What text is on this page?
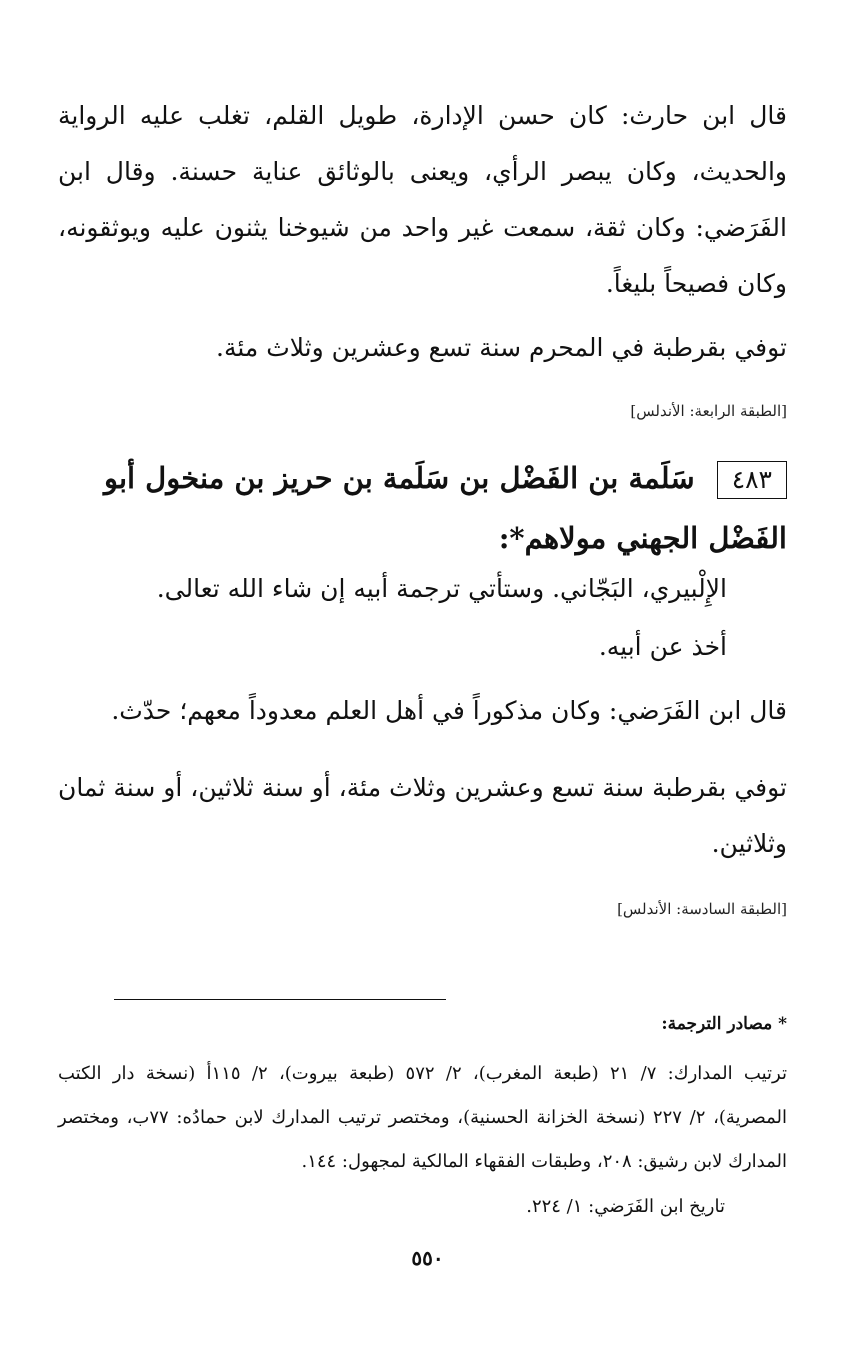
قال ابن حارث: كان حسن الإدارة، طويل القلم، تغلب عليه الرواية والحديث، وكان يبصر الرأي، ويعنى بالوثائق عناية حسنة. وقال ابن الفَرَضي: وكان ثقة، سمعت غير واحد من شيوخنا يثنون عليه ويوثقونه، وكان فصيحاً بليغاً.

توفي بقرطبة في المحرم سنة تسع وعشرين وثلاث مئة.

[الطبقة الرابعة: الأندلس]
٤٨٣سَلَمة بن الفَضْل بن سَلَمة بن حريز بن منخول أبو الفَضْل الجهني مولاهم*:
الإِلْبيري، البَجّاني. وستأتي ترجمة أبيه إن شاء الله تعالى.
أخذ عن أبيه.
قال ابن الفَرَضي: وكان مذكوراً في أهل العلم معدوداً معهم؛ حدّث.

توفي بقرطبة سنة تسع وعشرين وثلاث مئة، أو سنة ثلاثين، أو سنة ثمان وثلاثين.

[الطبقة السادسة: الأندلس]
* مصادر الترجمة:

ترتيب المدارك: ٧/ ٢١ (طبعة المغرب)، ٢/ ٥٧٢ (طبعة بيروت)، ٢/ ١١٥أ (نسخة دار الكتب المصرية)، ٢/ ٢٢٧ (نسخة الخزانة الحسنية)، ومختصر ترتيب المدارك لابن حمادُه: ٧٧ب، ومختصر المدارك لابن رشيق: ٢٠٨، وطبقات الفقهاء المالكية لمجهول: ١٤٤.

تاريخ ابن الفَرَضي: ١/ ٢٢٤.
٥٥٠
